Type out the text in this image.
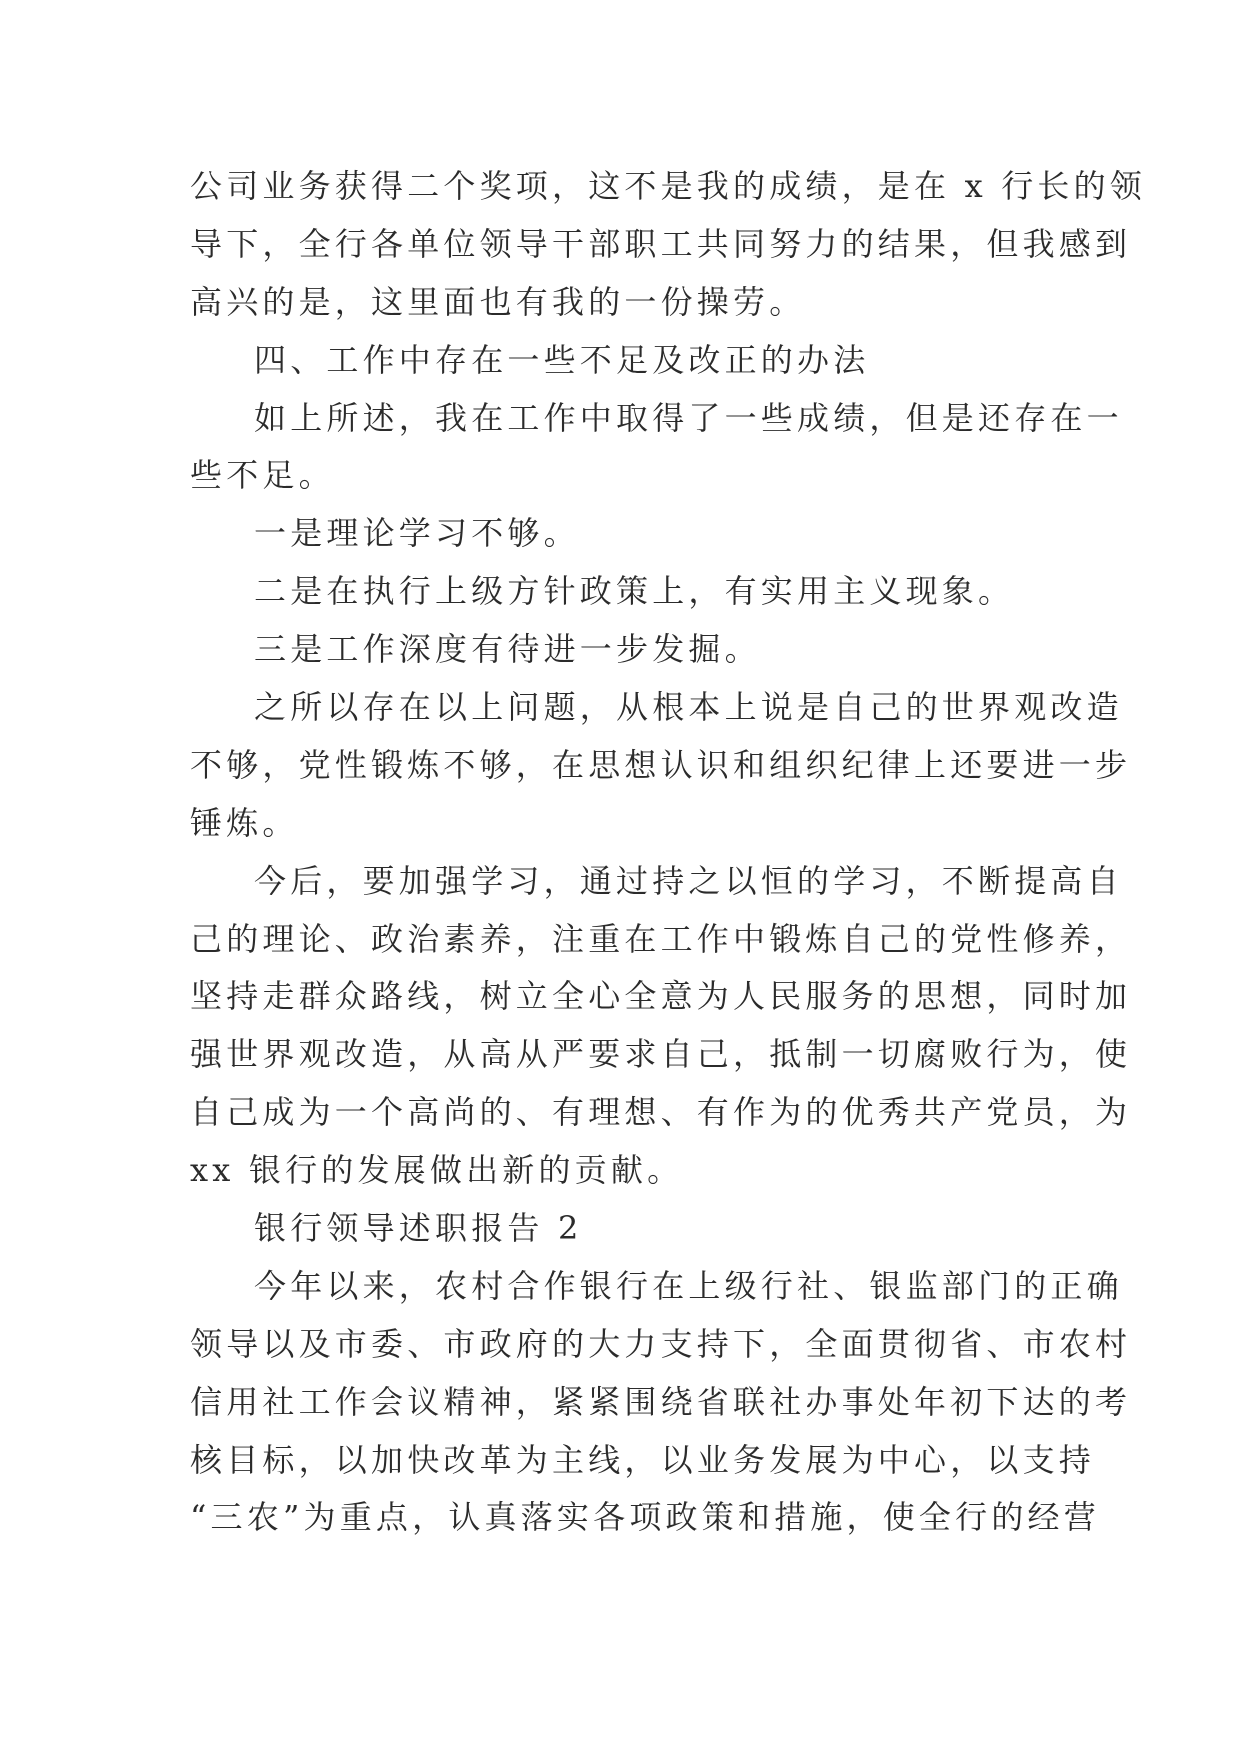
公司业务获得二个奖项，这不是我的成绩，是在 x 行长的领
导下，全行各单位领导干部职工共同努力的结果，但我感到
高兴的是，这里面也有我的一份操劳。
四、工作中存在一些不足及改正的办法
如上所述，我在工作中取得了一些成绩，但是还存在一
些不足。
一是理论学习不够。
二是在执行上级方针政策上，有实用主义现象。
三是工作深度有待进一步发掘。
之所以存在以上问题，从根本上说是自己的世界观改造
不够，党性锻炼不够，在思想认识和组织纪律上还要进一步
锤炼。
今后，要加强学习，通过持之以恒的学习，不断提高自
己的理论、政治素养，注重在工作中锻炼自己的党性修养，
坚持走群众路线，树立全心全意为人民服务的思想，同时加
强世界观改造，从高从严要求自己，抵制一切腐败行为，使
自己成为一个高尚的、有理想、有作为的优秀共产党员，为
xx 银行的发展做出新的贡献。
银行领导述职报告 2
今年以来，农村合作银行在上级行社、银监部门的正确
领导以及市委、市政府的大力支持下，全面贯彻省、市农村
信用社工作会议精神，紧紧围绕省联社办事处年初下达的考
核目标，以加快改革为主线，以业务发展为中心，以支持
“三农”为重点，认真落实各项政策和措施，使全行的经营
